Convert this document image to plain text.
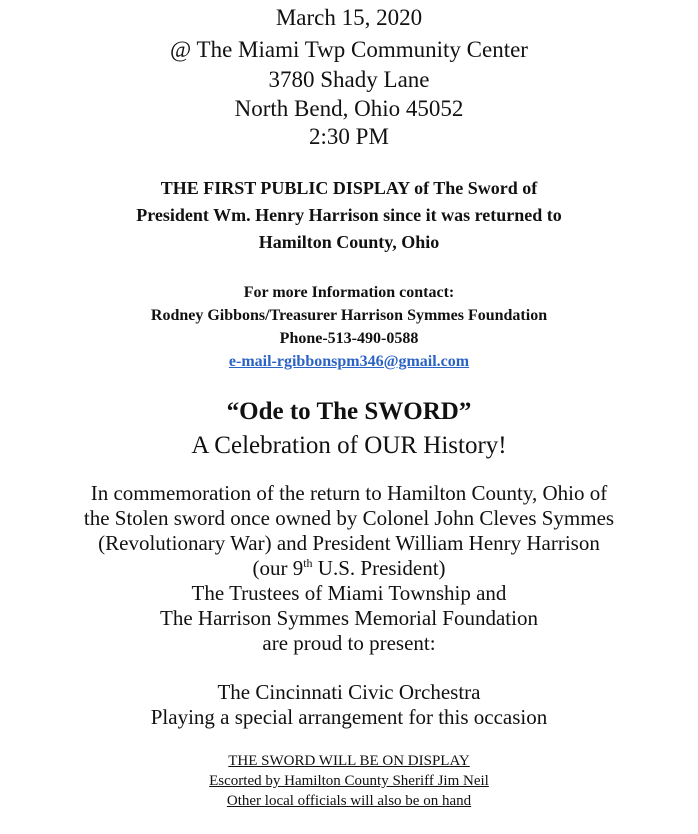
March 15, 2020
@ The Miami Twp Community Center
3780 Shady Lane
North Bend, Ohio 45052
2:30 PM
THE FIRST PUBLIC DISPLAY of The Sword of
President Wm. Henry Harrison since it was returned to
Hamilton County, Ohio
For more Information contact:
Rodney Gibbons/Treasurer Harrison Symmes Foundation
Phone-513-490-0588
e-mail-rgibbonspm346@gmail.com
“Ode to The SWORD”
A Celebration of OUR History!
In commemoration of the return to Hamilton County, Ohio of
the Stolen sword once owned by Colonel John Cleves Symmes
(Revolutionary War) and President William Henry Harrison
(our 9th U.S. President)
The Trustees of Miami Township and
The Harrison Symmes Memorial Foundation
are proud to present:
The Cincinnati Civic Orchestra
Playing a special arrangement for this occasion
THE SWORD WILL BE ON DISPLAY
Escorted by Hamilton County Sheriff Jim Neil
Other local officials will also be on hand
